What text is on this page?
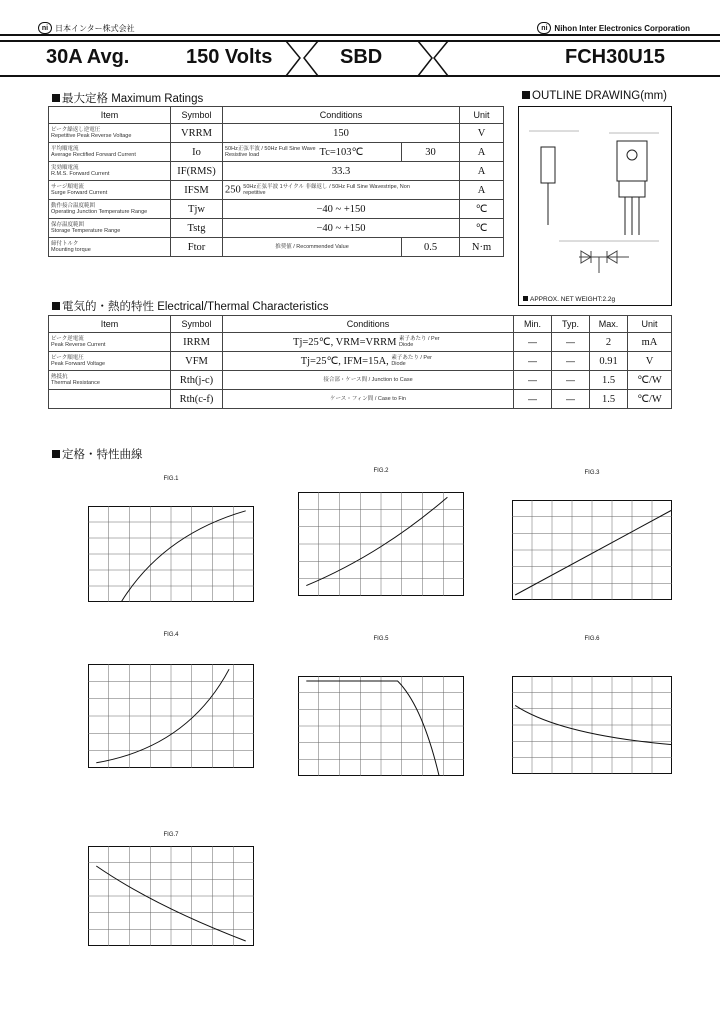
ni 日本インター株式会社	ni Nihon Inter Electronics Corporation
30A Avg.	150 Volts	SBD	FCH30U15
最大定格 Maximum Ratings
Item	Symbol	Conditions		Unit

ピーク繰返し逆電圧
Repetitive Peak Reverse Voltage	VRRM	150		V

平均順電流
Average Rectified Forward Current	Io	50Hz正弦半波 / 50Hz Full Sine Wave Resistive load Tc=103℃	30	A

実効順電流
R.M.S. Forward Current	IF(RMS)	33.3		A

サージ順電流
Surge Forward Current	IFSM	250 50Hz正弦半波 1サイクル 非繰返し / 50Hz Full Sine Wavestripe, Non repetitive		A

動作接合温度範囲
Operating Junction Temperature Range	Tjw	−40 ~ +150		℃

保存温度範囲
Storage Temperature Range	Tstg	−40 ~ +150		℃

締付トルク
Mounting torque	Ftor	推奨値 / Recommended Value	0.5	N·m
OUTLINE DRAWING(mm)
APPROX. NET WEIGHT:2.2g
電気的・熱的特性 Electrical/Thermal Characteristics
Item	Symbol	Conditions	Min.	Typ.	Max.	Unit

ピーク逆電流
Peak Reverse Current	IRRM	Tj=25℃, VRM=VRRM 素子あたり / Per Diode	—	—	2	mA

ピーク順電圧
Peak Forward Voltage	VFM	Tj=25℃, IFM=15A, 素子あたり / Per Diode	—	—	0.91	V

熱抵抗
Thermal Resistance	Rth(j-c)	接合部・ケース間 / Junction to Case	—	—	1.5	℃/W

	Rth(c-f)	ケース・フィン間 / Case to Fin	—	—	1.5	℃/W
定格・特性曲線
FIG.1
FIG.2	FIG.3
FIG.4
FIG.5	FIG.6
FIG.7
